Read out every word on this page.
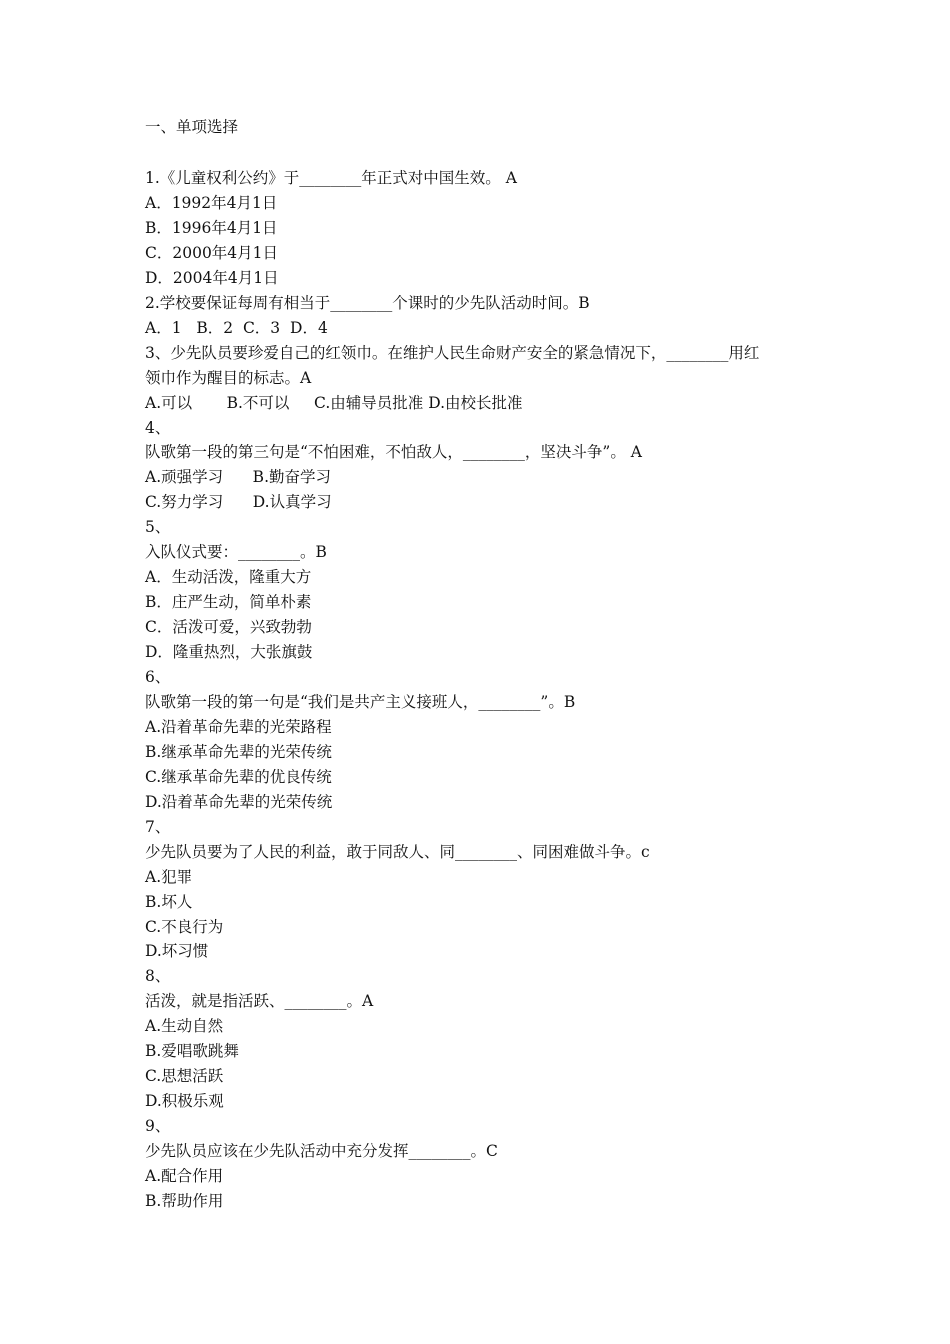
一、单项选择
1.《儿童权利公约》于________年正式对中国生效。 A
A．1992年4月1日
B．1996年4月1日
C．2000年4月1日
D．2004年4月1日
2.学校要保证每周有相当于________个课时的少先队活动时间。B
A．1   B．2  C．3  D．4
3、少先队员要珍爱自己的红领巾。在维护人民生命财产安全的紧急情况下，________用红
领巾作为醒目的标志。A
A.可以       B.不可以     C.由辅导员批准 D.由校长批准
4、
队歌第一段的第三句是“不怕困难，不怕敌人，________，坚决斗争”。 A
A.顽强学习      B.勤奋学习
C.努力学习      D.认真学习
5、
入队仪式要：________。B
A．生动活泼，隆重大方
B．庄严生动，简单朴素
C．活泼可爱，兴致勃勃
D．隆重热烈，大张旗鼓
6、
队歌第一段的第一句是“我们是共产主义接班人，________”。B
A.沿着革命先辈的光荣路程
B.继承革命先辈的光荣传统
C.继承革命先辈的优良传统
D.沿着革命先辈的光荣传统
7、
少先队员要为了人民的利益，敢于同敌人、同________、同困难做斗争。c
A.犯罪
B.坏人
C.不良行为
D.坏习惯
8、
活泼，就是指活跃、________。A
A.生动自然
B.爱唱歌跳舞
C.思想活跃
D.积极乐观
9、
少先队员应该在少先队活动中充分发挥________。C
A.配合作用
B.帮助作用
